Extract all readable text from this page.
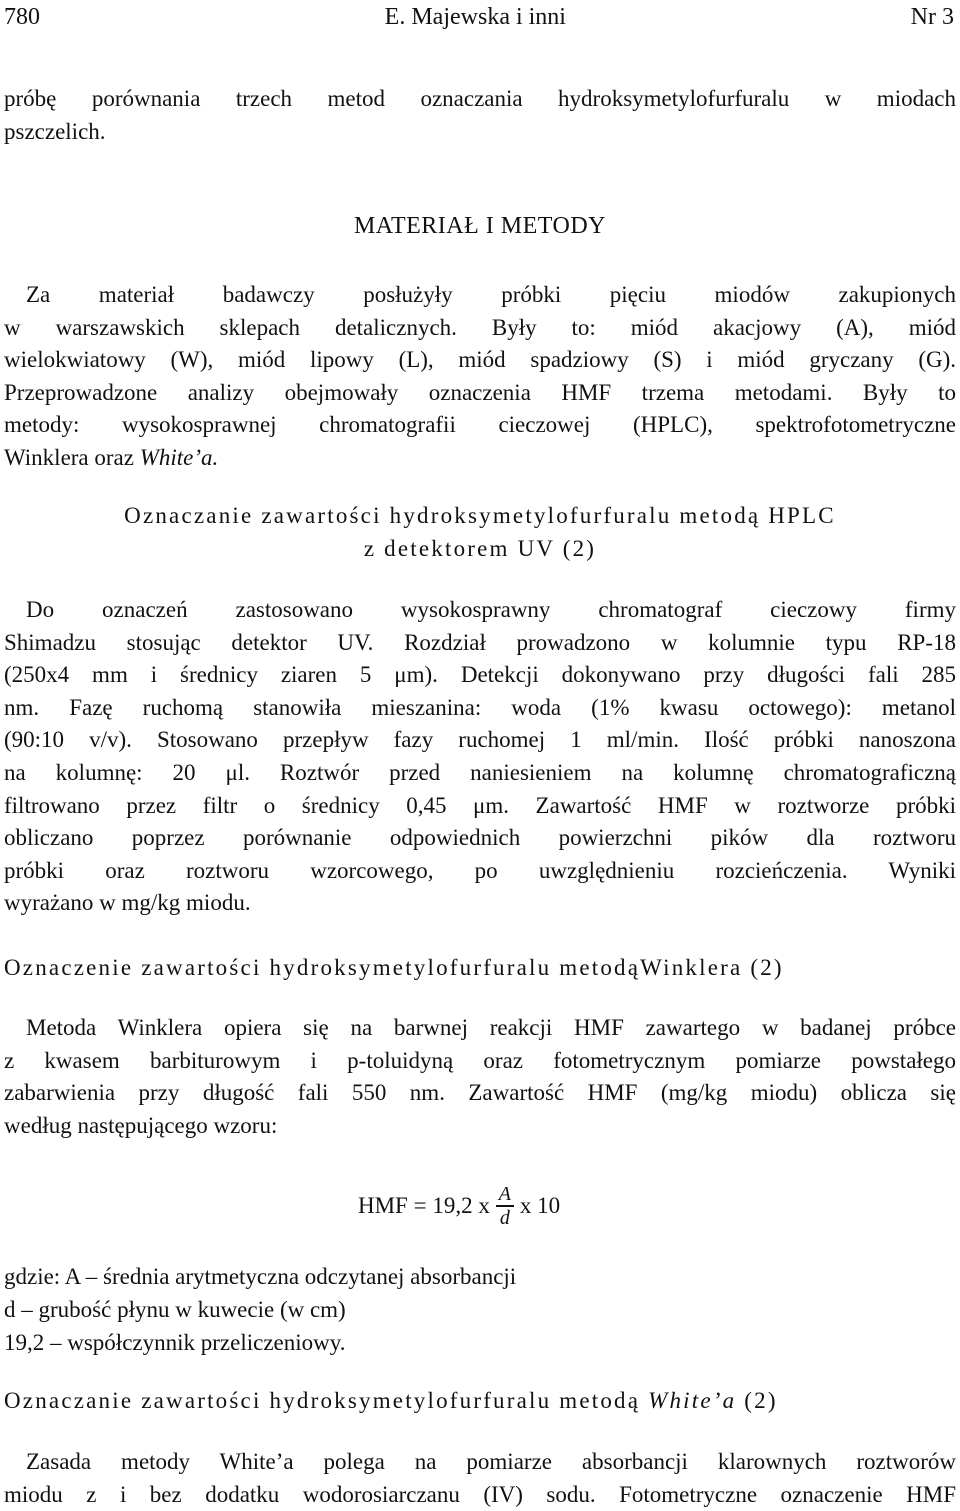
780	E. Majewska i inni	Nr 3
próbę porównania trzech metod oznaczania hydroksymetylofurfuralu w miodach
pszczelich.
MATERIAŁ I METODY
Za materiał badawczy posłużyły próbki pięciu miodów zakupionych
w warszawskich sklepach detalicznych. Były to: miód akacjowy (A), miód
wielokwiatowy (W), miód lipowy (L), miód spadziowy (S) i miód gryczany (G).
Przeprowadzone analizy obejmowały oznaczenia HMF trzema metodami. Były to
metody: wysokosprawnej chromatografii cieczowej (HPLC), spektrofotometryczne
Winklera oraz White’a.
Oznaczanie zawartości hydroksymetylofurfuralu metodą HPLC
z detektorem UV (2)
Do oznaczeń zastosowano wysokosprawny chromatograf cieczowy firmy
Shimadzu stosując detektor UV. Rozdział prowadzono w kolumnie typu RP-18
(250x4 mm i średnicy ziaren 5 μm). Detekcji dokonywano przy długości fali 285
nm. Fazę ruchomą stanowiła mieszanina: woda (1% kwasu octowego): metanol
(90:10 v/v). Stosowano przepływ fazy ruchomej 1 ml/min. Ilość próbki nanoszona
na kolumnę: 20 μl. Roztwór przed naniesieniem na kolumnę chromatograficzną
filtrowano przez filtr o średnicy 0,45 μm. Zawartość HMF w roztworze próbki
obliczano poprzez porównanie odpowiednich powierzchni pików dla roztworu
próbki oraz roztworu wzorcowego, po uwzględnieniu rozcieńczenia. Wyniki
wyrażano w mg/kg miodu.
Oznaczenie zawartości hydroksymetylofurfuralu metodąWinklera (2)
Metoda Winklera opiera się na barwnej reakcji HMF zawartego w badanej próbce
z kwasem barbiturowym i p-toluidyną oraz fotometrycznym pomiarze powstałego
zabarwienia przy długość fali 550 nm. Zawartość HMF (mg/kg miodu) oblicza się
według następującego wzoru:
HMF = 19,2 x $\frac{A}{d}$ x 10
gdzie: A – średnia arytmetyczna odczytanej absorbancji
d – grubość płynu w kuwecie (w cm)
19,2 – współczynnik przeliczeniowy.
Oznaczanie zawartości hydroksymetylofurfuralu metodą White’a (2)
Zasada metody White’a polega na pomiarze absorbancji klarownych roztworów
miodu z i bez dodatku wodorosiarczanu (IV) sodu. Fotometryczne oznaczenie HMF
